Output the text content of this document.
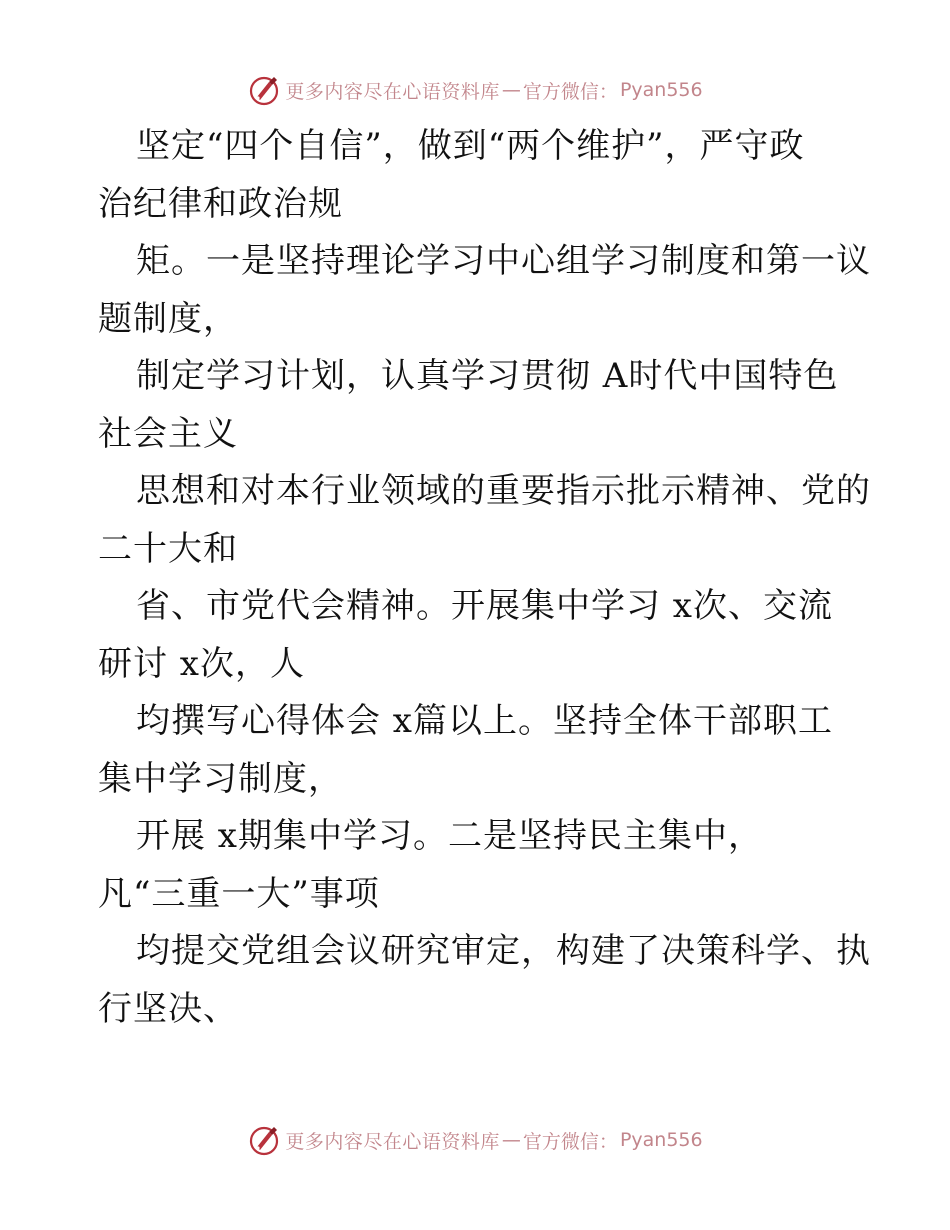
更多内容尽在心语资料库 — 官方微信： Pyan556
坚定“四个自信”，做到“两个维护”，严守政
治纪律和政治规
矩。一是坚持理论学习中心组学习制度和第一议
题制度，
制定学习计划，认真学习贯彻 A时代中国特色
社会主义
思想和对本行业领域的重要指示批示精神、党的
二十大和
省、市党代会精神。开展集中学习 x次、交流
研讨 x次，人
均撰写心得体会 x篇以上。坚持全体干部职工
集中学习制度，
开展 x期集中学习。二是坚持民主集中，
凡“三重一大”事项
均提交党组会议研究审定，构建了决策科学、执
行坚决、
更多内容尽在心语资料库 — 官方微信： Pyan556
